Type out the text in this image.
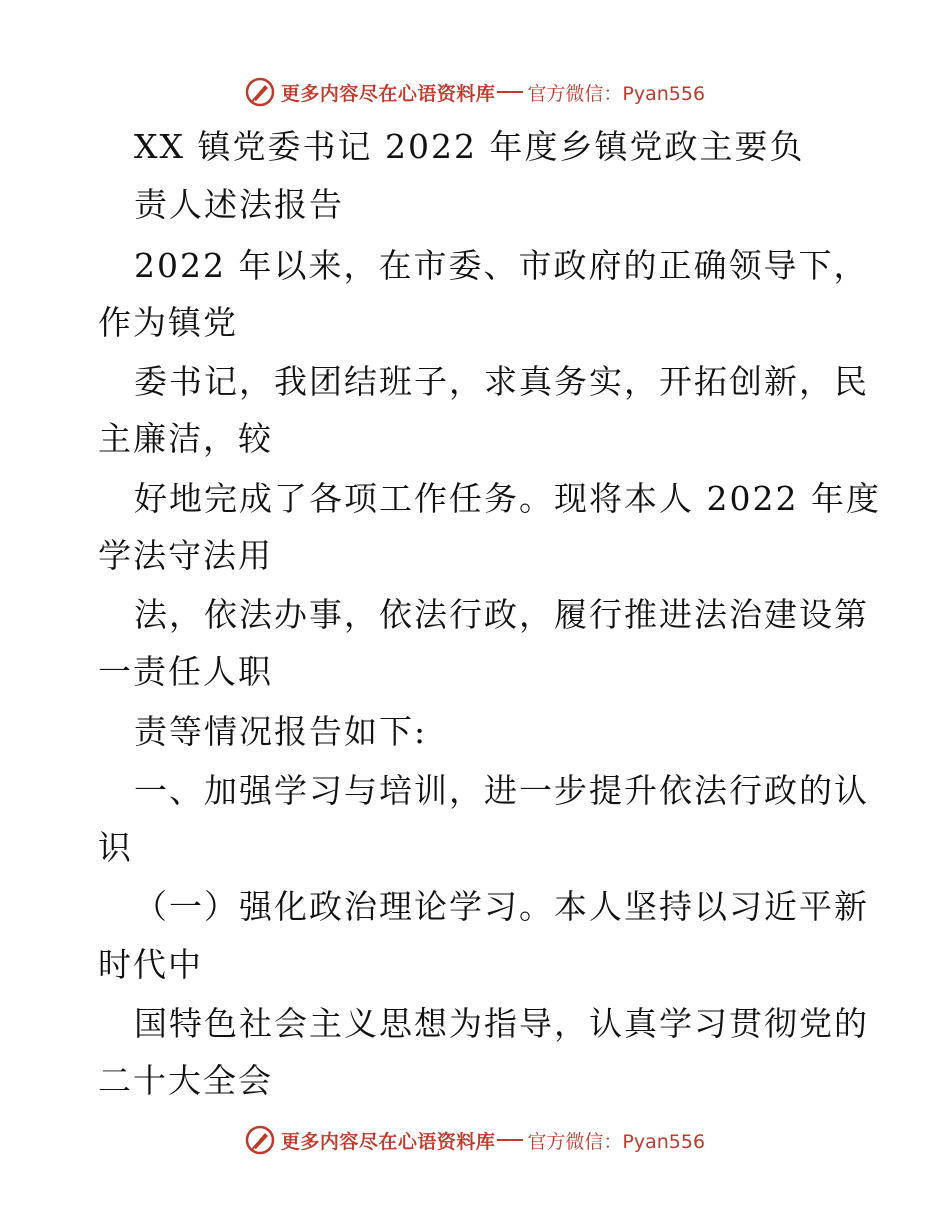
更多内容尽在心语资料库 官方微信：Pyan556
XX 镇党委书记 2022 年度乡镇党政主要负
责人述法报告
2022 年以来，在市委、市政府的正确领导下，
作为镇党
委书记，我团结班子，求真务实，开拓创新，民
主廉洁，较
好地完成了各项工作任务。现将本人 2022 年度
学法守法用
法，依法办事，依法行政，履行推进法治建设第
一责任人职
责等情况报告如下:
一、加强学习与培训，进一步提升依法行政的认
识
（一）强化政治理论学习。本人坚持以习近平新
时代中
国特色社会主义思想为指导，认真学习贯彻党的
二十大全会
更多内容尽在心语资料库 官方微信：Pyan556
